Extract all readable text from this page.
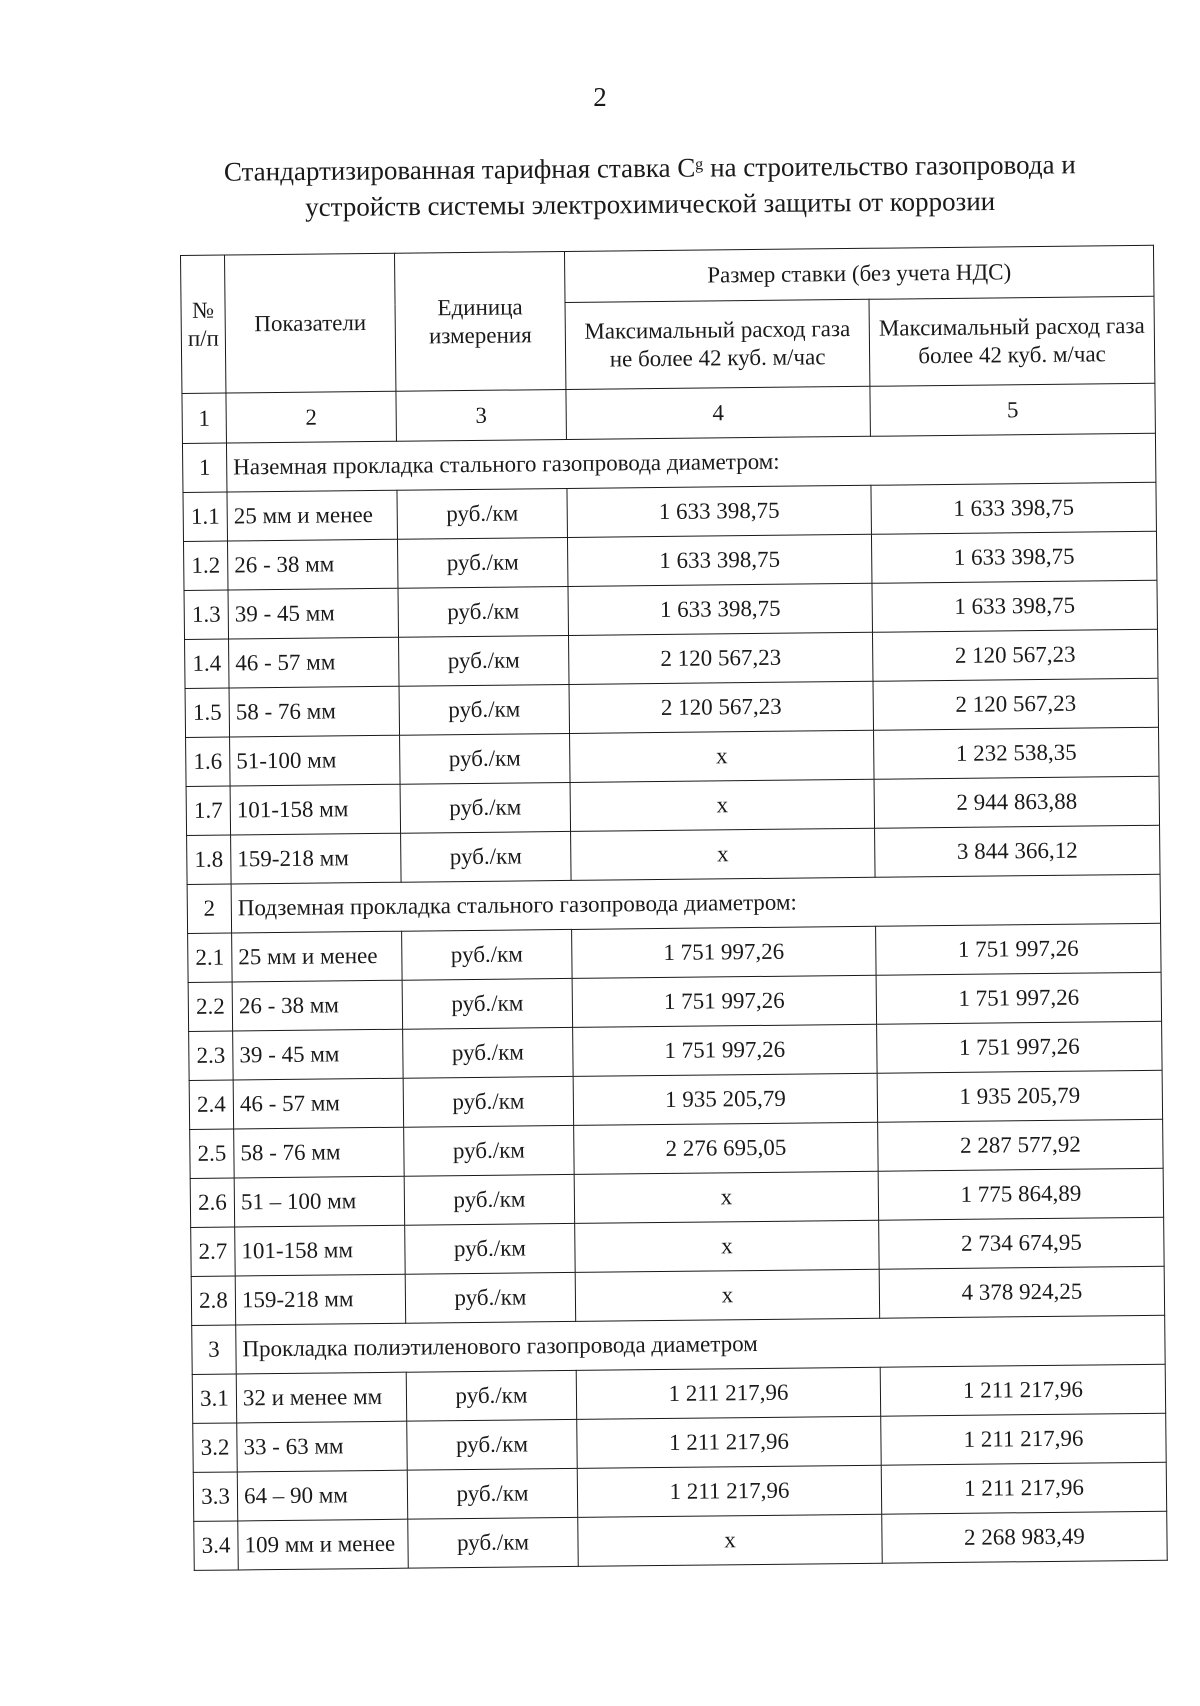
2
Стандартизированная тарифная ставка Сᵍ на строительство газопровода и
устройств системы электрохимической защиты от коррозии
№ п/п	Показатели	Единица измерения	Размер ставки (без учета НДС)	
			Максимальный расход газа не более 42 куб. м/час	Максимальный расход газа более 42 куб. м/час
1	2	3	4	5
1	Наземная прокладка стального газопровода диаметром:			
1.1	25 мм и менее	руб./км	1 633 398,75	1 633 398,75
1.2	26 - 38 мм	руб./км	1 633 398,75	1 633 398,75
1.3	39 - 45 мм	руб./км	1 633 398,75	1 633 398,75
1.4	46 - 57 мм	руб./км	2 120 567,23	2 120 567,23
1.5	58 - 76 мм	руб./км	2 120 567,23	2 120 567,23
1.6	51-100 мм	руб./км	х	1 232 538,35
1.7	101-158 мм	руб./км	х	2 944 863,88
1.8	159-218 мм	руб./км	х	3 844 366,12
2	Подземная прокладка стального газопровода диаметром:			
2.1	25 мм и менее	руб./км	1 751 997,26	1 751 997,26
2.2	26 - 38 мм	руб./км	1 751 997,26	1 751 997,26
2.3	39 - 45 мм	руб./км	1 751 997,26	1 751 997,26
2.4	46 - 57 мм	руб./км	1 935 205,79	1 935 205,79
2.5	58 - 76 мм	руб./км	2 276 695,05	2 287 577,92
2.6	51 – 100 мм	руб./км	х	1 775 864,89
2.7	101-158 мм	руб./км	х	2 734 674,95
2.8	159-218 мм	руб./км	х	4 378 924,25
3	Прокладка полиэтиленового газопровода диаметром			
3.1	32 и менее мм	руб./км	1 211 217,96	1 211 217,96
3.2	33 - 63 мм	руб./км	1 211 217,96	1 211 217,96
3.3	64 – 90 мм	руб./км	1 211 217,96	1 211 217,96
3.4	109 мм и менее	руб./км	х	2 268 983,49
